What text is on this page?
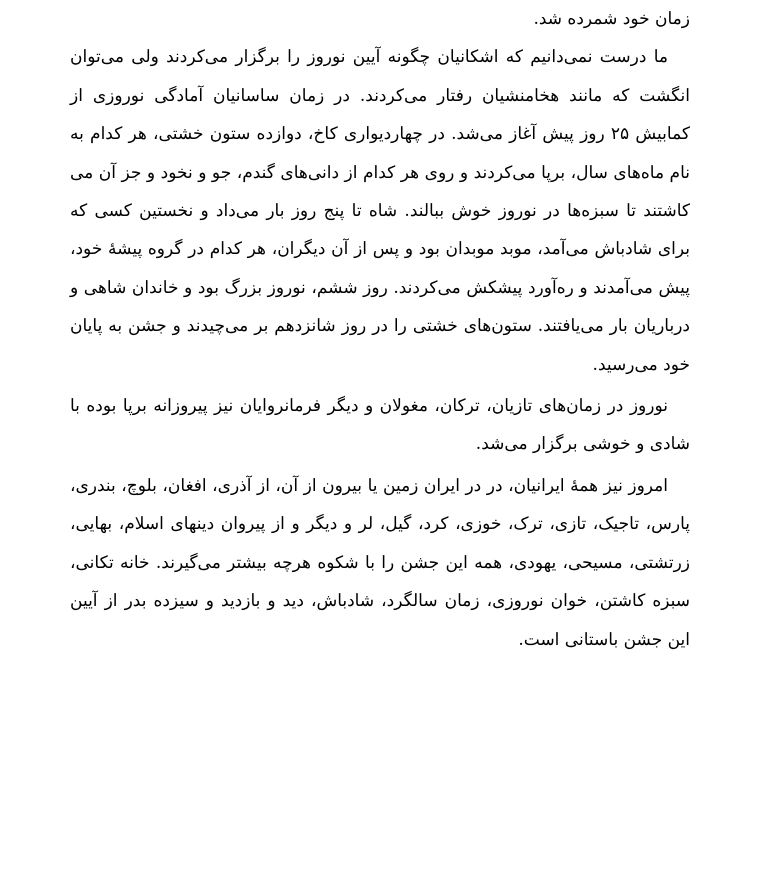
زمان خود شمرده شد.

ما درست نمی‌دانیم که اشکانیان چگونه آیین نوروز را برگزار می‌کردند ولی می‌توان انگشت که مانند هخامنشیان رفتار می‌کردند. در زمان ساسانیان آمادگی نوروزی از کمابیش ۲۵ روز پیش آغاز می‌شد. در چهاردیواری کاخ، دوازده ستون خشتی، هر کدام به نام ماه‌های سال، برپا می‌کردند و روی هر کدام از دانی‌های گندم، جو و نخود و جز آن می کاشتند تا سبزه‌ها در نوروز خوش ببالند. شاه تا پنج روز بار می‌داد و نخستین کسی که برای شادباش می‌آمد، موبد موبدان بود و پس از آن دیگران، هر کدام در گروه پیشهٔ خود، پیش می‌آمدند و ره‌آورد پیشکش می‌کردند. روز ششم، نوروز بزرگ بود و خاندان شاهی و درباریان بار می‌یافتند. ستون‌های خشتی را در روز شانزدهم بر می‌چیدند و جشن به پایان خود می‌رسید.

نوروز در زمان‌های تازیان، ترکان، مغولان و دیگر فرمانروایان نیز پیروزانه برپا بوده با شادی و خوشی برگزار می‌شد.

امروز نیز همهٔ ایرانیان، در در ایران زمین یا بیرون از آن، از آذری، افغان، بلوچ، بندری، پارس، تاجیک، تازی، ترک، خوزی، کرد، گیل، لر و دیگر و از پیروان دینهای اسلام، بهایی، زرتشتی، مسیحی، یهودی، همه این جشن را با شکوه هرچه بیشتر می‌گیرند. خانه تکانی، سبزه کاشتن، خوان نوروزی، زمان سالگرد، شادباش، دید و بازدید و سیزده بدر از آیین این جشن باستانی است.
